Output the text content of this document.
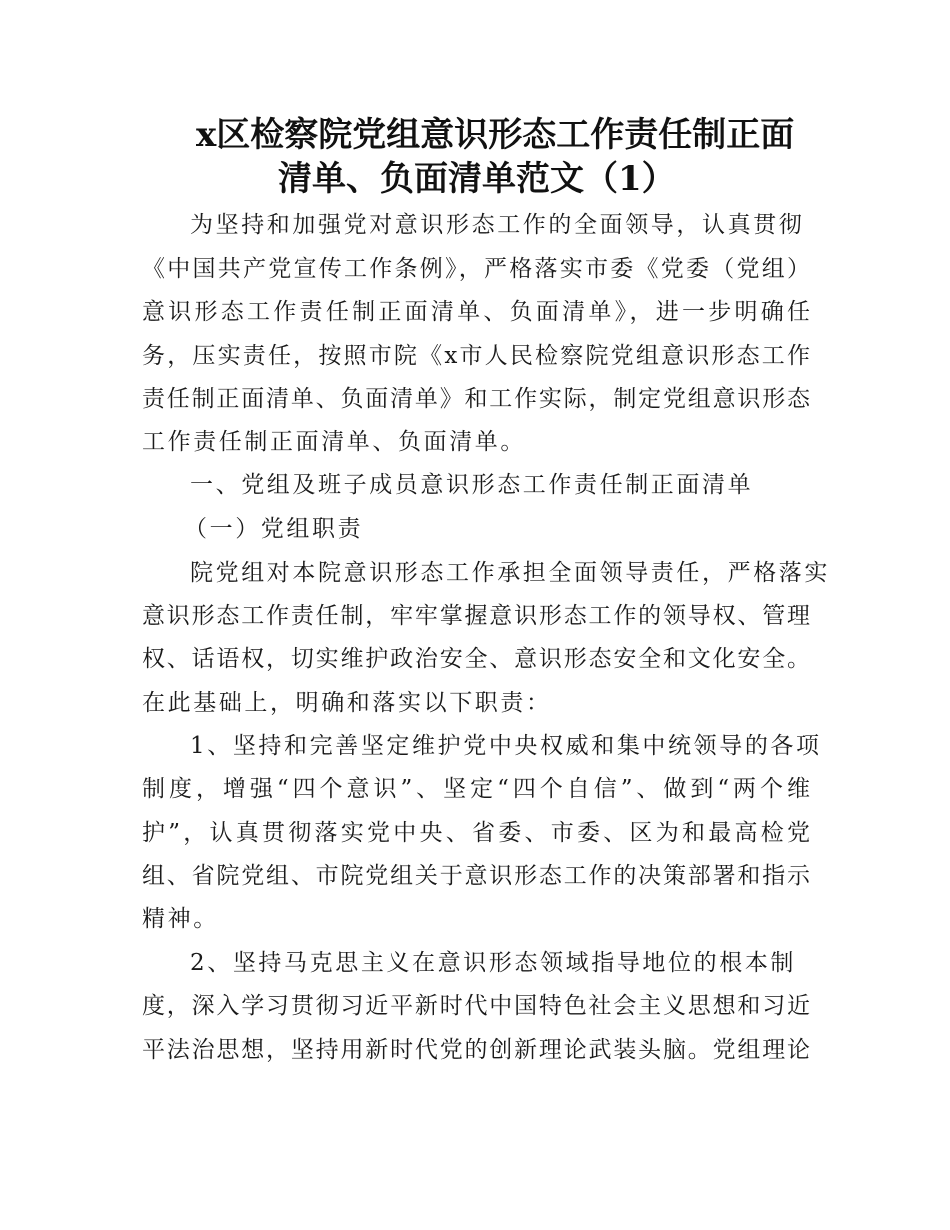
x区检察院党组意识形态工作责任制正面
清单、负面清单范文（1）
为坚持和加强党对意识形态工作的全面领导，认真贯彻
《中国共产党宣传工作条例》，严格落实市委《党委（党组）
意识形态工作责任制正面清单、负面清单》，进一步明确任
务，压实责任，按照市院《x市人民检察院党组意识形态工作
责任制正面清单、负面清单》和工作实际，制定党组意识形态
工作责任制正面清单、负面清单。
一、党组及班子成员意识形态工作责任制正面清单
（一）党组职责
院党组对本院意识形态工作承担全面领导责任，严格落实
意识形态工作责任制，牢牢掌握意识形态工作的领导权、管理
权、话语权，切实维护政治安全、意识形态安全和文化安全。
在此基础上，明确和落实以下职责：
1、坚持和完善坚定维护党中央权威和集中统领导的各项
制度，增强“四个意识”、坚定“四个自信”、做到“两个维
护”，认真贯彻落实党中央、省委、市委、区为和最高检党
组、省院党组、市院党组关于意识形态工作的决策部署和指示
精神。
2、坚持马克思主义在意识形态领域指导地位的根本制
度，深入学习贯彻习近平新时代中国特色社会主义思想和习近
平法治思想，坚持用新时代党的创新理论武装头脑。党组理论
